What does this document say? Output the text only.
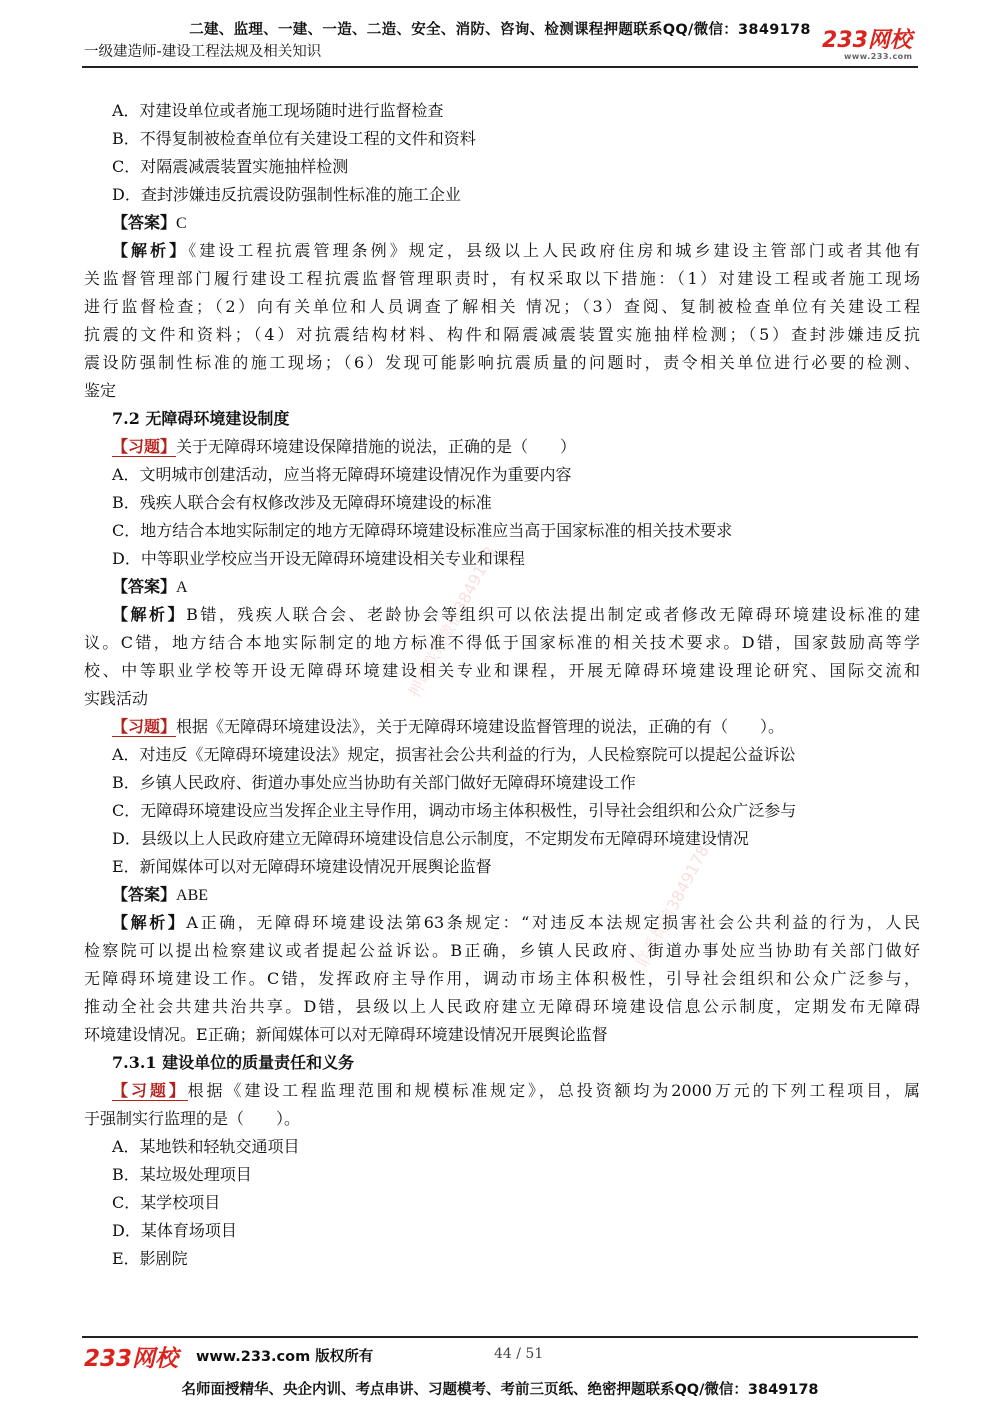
二建、监理、一建、一造、二造、安全、消防、咨询、检测课程押题联系QQ/微信：3849178
一级建造师-建设工程法规及相关知识	233网校
www.233.com
押题联系微信3849178
联系微信3849178
A．对建设单位或者施工现场随时进行监督检查
B．不得复制被检查单位有关建设工程的文件和资料
C．对隔震减震装置实施抽样检测
D．查封涉嫌违反抗震设防强制性标准的施工企业
【答案】C
【解析】《建设工程抗震管理条例》规定，县级以上人民政府住房和城乡建设主管部门或者其他有
关监督管理部门履行建设工程抗震监督管理职责时，有权采取以下措施：（1）对建设工程或者施工现场
进行监督检查；（2）向有关单位和人员调查了解相关 情况；（3）查阅、复制被检查单位有关建设工程
抗震的文件和资料；（4）对抗震结构材料、构件和隔震减震装置实施抽样检测；（5）查封涉嫌违反抗
震设防强制性标准的施工现场；（6）发现可能影响抗震质量的问题时，责令相关单位进行必要的检测、
鉴定
7.2 无障碍环境建设制度
【习题】关于无障碍环境建设保障措施的说法，正确的是（　　）
A．文明城市创建活动，应当将无障碍环境建设情况作为重要内容
B．残疾人联合会有权修改涉及无障碍环境建设的标准
C．地方结合本地实际制定的地方无障碍环境建设标准应当高于国家标准的相关技术要求
D．中等职业学校应当开设无障碍环境建设相关专业和课程
【答案】A
【解析】B错，残疾人联合会、老龄协会等组织可以依法提出制定或者修改无障碍环境建设标准的建
议。C错，地方结合本地实际制定的地方标准不得低于国家标准的相关技术要求。D错，国家鼓励高等学
校、中等职业学校等开设无障碍环境建设相关专业和课程，开展无障碍环境建设理论研究、国际交流和
实践活动
【习题】根据《无障碍环境建设法》，关于无障碍环境建设监督管理的说法，正确的有（　　）。
A．对违反《无障碍环境建设法》规定，损害社会公共利益的行为，人民检察院可以提起公益诉讼
B．乡镇人民政府、街道办事处应当协助有关部门做好无障碍环境建设工作
C．无障碍环境建设应当发挥企业主导作用，调动市场主体积极性，引导社会组织和公众广泛参与
D．县级以上人民政府建立无障碍环境建设信息公示制度，不定期发布无障碍环境建设情况
E．新闻媒体可以对无障碍环境建设情况开展舆论监督
【答案】ABE
【解析】A正确，无障碍环境建设法第63条规定：“对违反本法规定损害社会公共利益的行为，人民
检察院可以提出检察建议或者提起公益诉讼。B正确，乡镇人民政府、街道办事处应当协助有关部门做好
无障碍环境建设工作。C错，发挥政府主导作用，调动市场主体积极性，引导社会组织和公众广泛参与，
推动全社会共建共治共享。D错，县级以上人民政府建立无障碍环境建设信息公示制度，定期发布无障碍
环境建设情况。E正确；新闻媒体可以对无障碍环境建设情况开展舆论监督
7.3.1 建设单位的质量责任和义务
【习题】根据《建设工程监理范围和规模标准规定》，总投资额均为2000万元的下列工程项目，属
于强制实行监理的是（　　）。
A．某地铁和轻轨交通项目
B．某垃圾处理项目
C．某学校项目
D．某体育场项目
E．影剧院
233网校 www.233.com 版权所有	44 / 51
名师面授精华、央企内训、考点串讲、习题模考、考前三页纸、绝密押题联系QQ/微信：3849178
